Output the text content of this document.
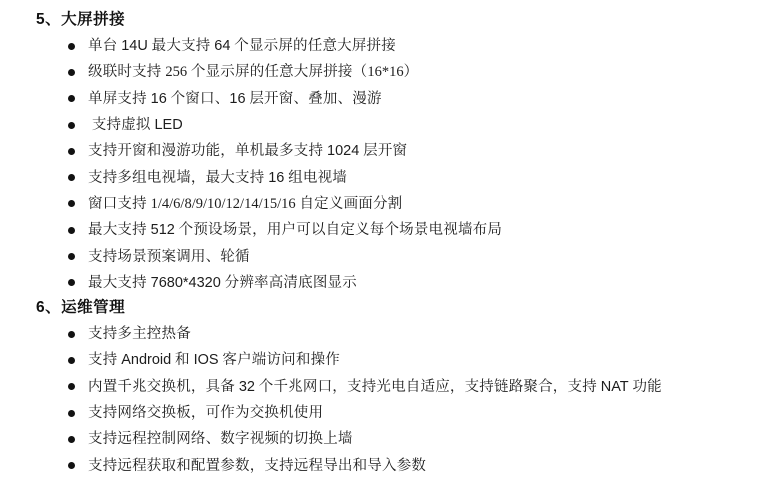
5、大屏拼接
单台 14U 最大支持 64 个显示屏的任意大屏拼接
级联时支持 256 个显示屏的任意大屏拼接（16*16）
单屏支持 16 个窗口、16 层开窗、叠加、漫游
支持虚拟 LED
支持开窗和漫游功能，单机最多支持 1024 层开窗
支持多组电视墙，最大支持 16 组电视墙
窗口支持 1/4/6/8/9/10/12/14/15/16 自定义画面分割
最大支持 512 个预设场景，用户可以自定义每个场景电视墙布局
支持场景预案调用、轮循
最大支持 7680*4320 分辨率高清底图显示
6、运维管理
支持多主控热备
支持 Android 和 IOS 客户端访问和操作
内置千兆交换机，具备 32 个千兆网口，支持光电自适应，支持链路聚合，支持 NAT 功能
支持网络交换板，可作为交换机使用
支持远程控制网络、数字视频的切换上墙
支持远程获取和配置参数，支持远程导出和导入参数
